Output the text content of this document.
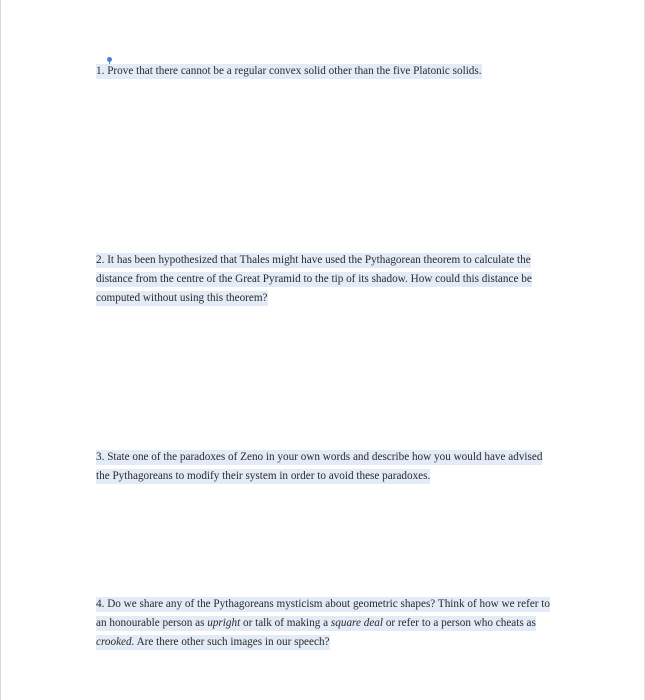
1. Prove that there cannot be a regular convex solid other than the five Platonic solids.
2. It has been hypothesized that Thales might have used the Pythagorean theorem to calculate the distance from the centre of the Great Pyramid to the tip of its shadow. How could this distance be computed without using this theorem?
3. State one of the paradoxes of Zeno in your own words and describe how you would have advised the Pythagoreans to modify their system in order to avoid these paradoxes.
4. Do we share any of the Pythagoreans mysticism about geometric shapes? Think of how we refer to an honourable person as upright or talk of making a square deal or refer to a person who cheats as crooked. Are there other such images in our speech?
